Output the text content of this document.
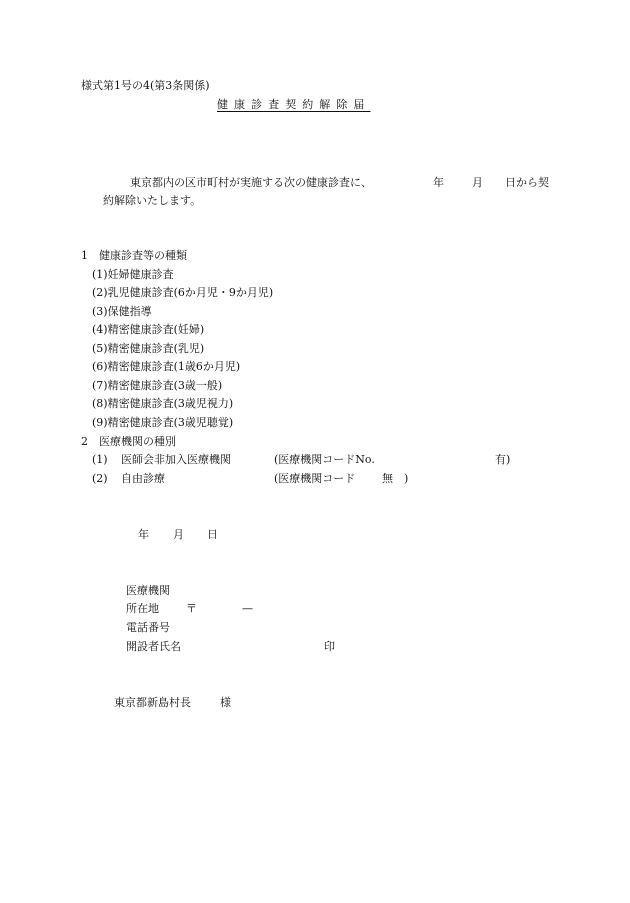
様式第1号の4(第3条関係)
健康診査契約解除届
東京都内の区市町村が実施する次の健康診査に、	年	月 日から契
約解除いたします。
1　健康診査等の種類
(1)妊婦健康診査
(2)乳児健康診査(6か月児・9か月児)
(3)保健指導
(4)精密健康診査(妊婦)
(5)精密健康診査(乳児)
(6)精密健康診査(1歳6か月児)
(7)精密健康診査(3歳一般)
(8)精密健康診査(3歳児視力)
(9)精密健康診査(3歳児聴覚)
2　医療機関の種別
(1) 医師会非加入医療機関	(医療機関コードNo.	有)
(2) 自由診療	(医療機関コード 無　)
年 月 日
医療機関
所在地 〒	—
電話番号
開設者氏名	印
東京都新島村長	様
